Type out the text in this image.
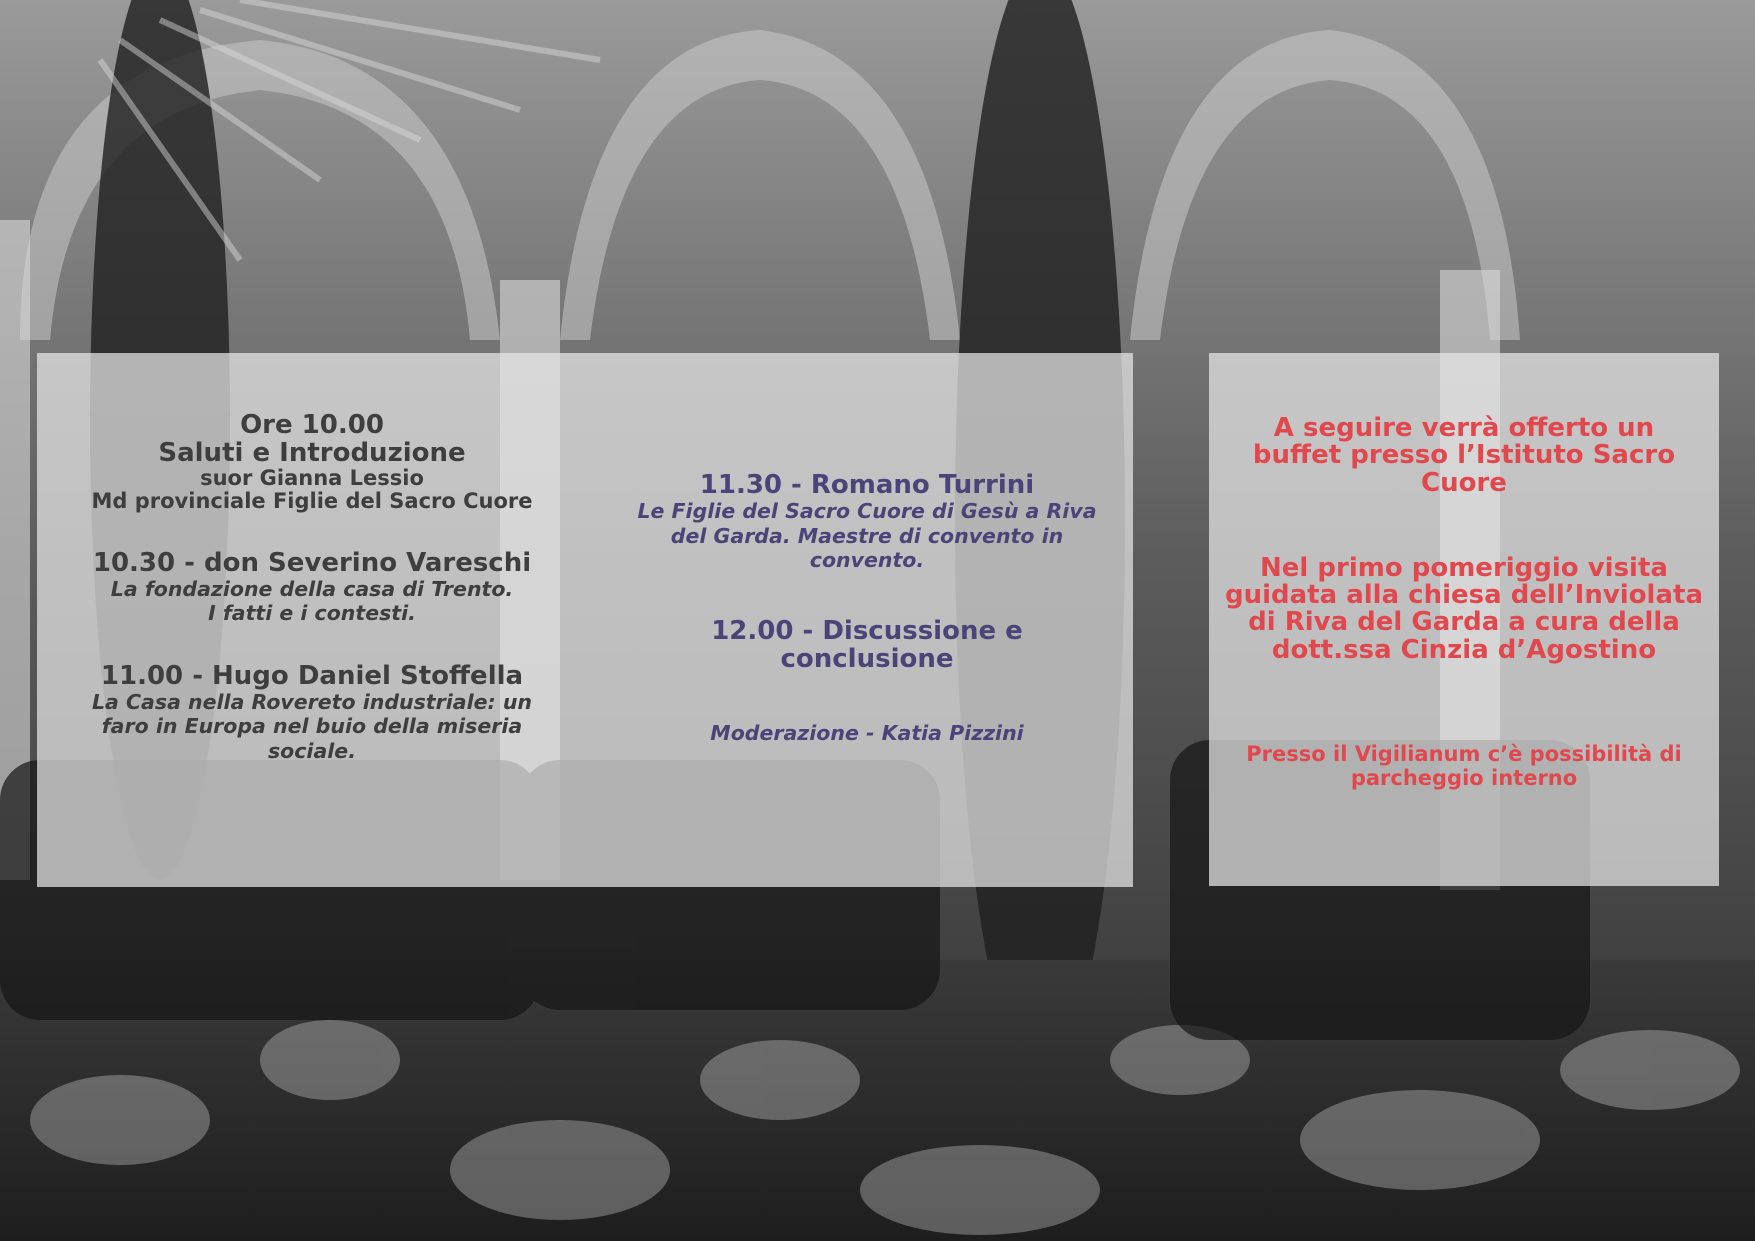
Ore 10.00

Saluti e Introduzione

suor Gianna Lessio

Md provinciale Figlie del Sacro Cuore

10.30 - don Severino Vareschi

La fondazione della casa di Trento.

I fatti e i contesti.

11.00 - Hugo Daniel Stoffella

La Casa nella Rovereto industriale: un

faro in Europa nel buio della miseria

sociale.

11.30 - Romano Turrini

Le Figlie del Sacro Cuore di Gesù a Riva

del Garda. Maestre di convento in

convento.

12.00 - Discussione e

conclusione

Moderazione - Katia Pizzini

A seguire verrà offerto un

buffet presso l’Istituto Sacro

Cuore

Nel primo pomeriggio visita

guidata alla chiesa dell’Inviolata

di Riva del Garda a cura della

dott.ssa Cinzia d’Agostino

Presso il Vigilianum c’è possibilità di

parcheggio interno
